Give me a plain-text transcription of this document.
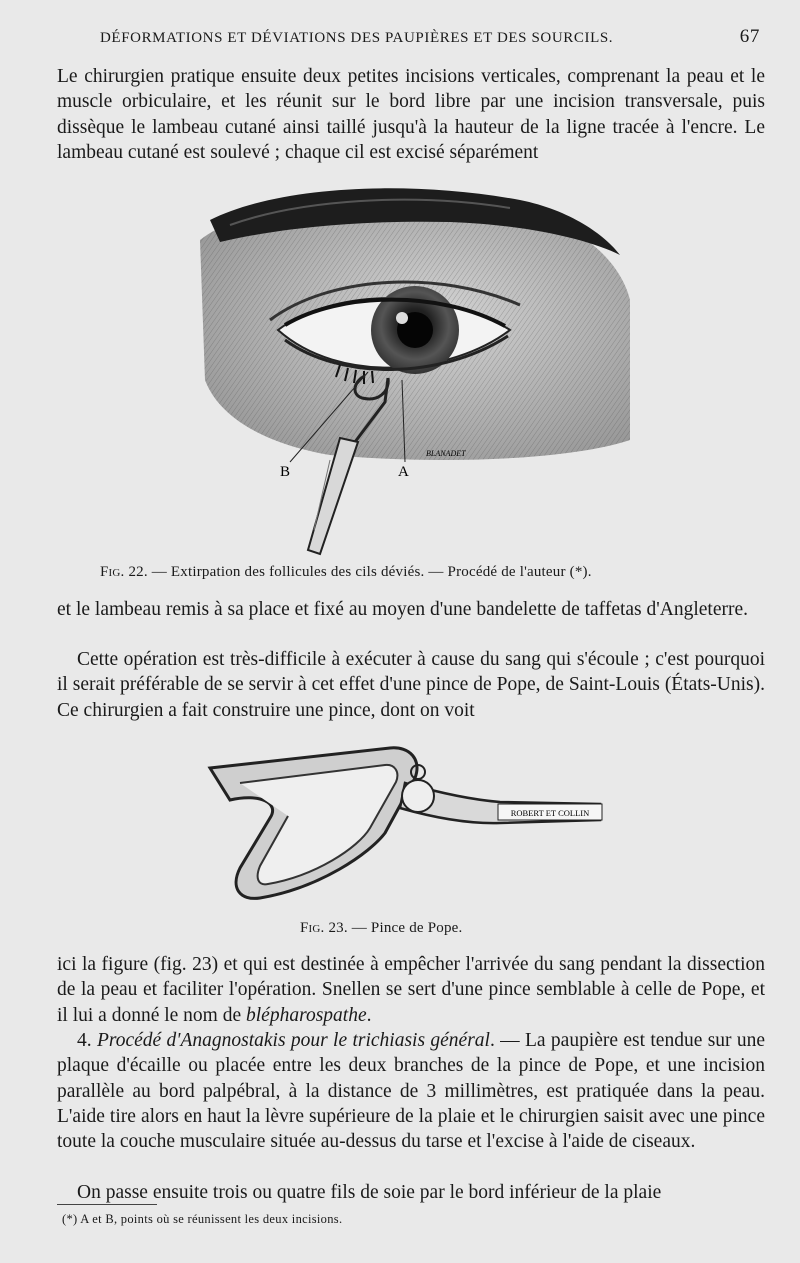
DÉFORMATIONS ET DÉVIATIONS DES PAUPIÈRES ET DES SOURCILS.	67

Le chirurgien pratique ensuite deux petites incisions verticales, comprenant la peau et le muscle orbiculaire, et les réunit sur le bord libre par une incision transversale, puis dissèque le lambeau cutané ainsi taillé jusqu'à la hauteur de la ligne tracée à l'encre. Le lambeau cutané est soulevé ; chaque cil est excisé séparément

B	A
BLANADET
Fig. 22. — Extirpation des follicules des cils déviés. — Procédé de l'auteur (*).

et le lambeau remis à sa place et fixé au moyen d'une bandelette de taffetas d'Angleterre.

Cette opération est très-difficile à exécuter à cause du sang qui s'écoule ; c'est pourquoi il serait préférable de se servir à cet effet d'une pince de Pope, de Saint-Louis (États-Unis). Ce chirurgien a fait construire une pince, dont on voit

ROBERT ET COLLIN
Fig. 23. — Pince de Pope.

ici la figure (fig. 23) et qui est destinée à empêcher l'arrivée du sang pendant la dissection de la peau et faciliter l'opération. Snellen se sert d'une pince semblable à celle de Pope, et il lui a donné le nom de blépharospathe.

4. Procédé d'Anagnostakis pour le trichiasis général. — La paupière est tendue sur une plaque d'écaille ou placée entre les deux branches de la pince de Pope, et une incision parallèle au bord palpébral, à la distance de 3 millimètres, est pratiquée dans la peau. L'aide tire alors en haut la lèvre supérieure de la plaie et le chirurgien saisit avec une pince toute la couche musculaire située au-dessus du tarse et l'excise à l'aide de ciseaux.

On passe ensuite trois ou quatre fils de soie par le bord inférieur de la plaie

(*) A et B, points où se réunissent les deux incisions.
